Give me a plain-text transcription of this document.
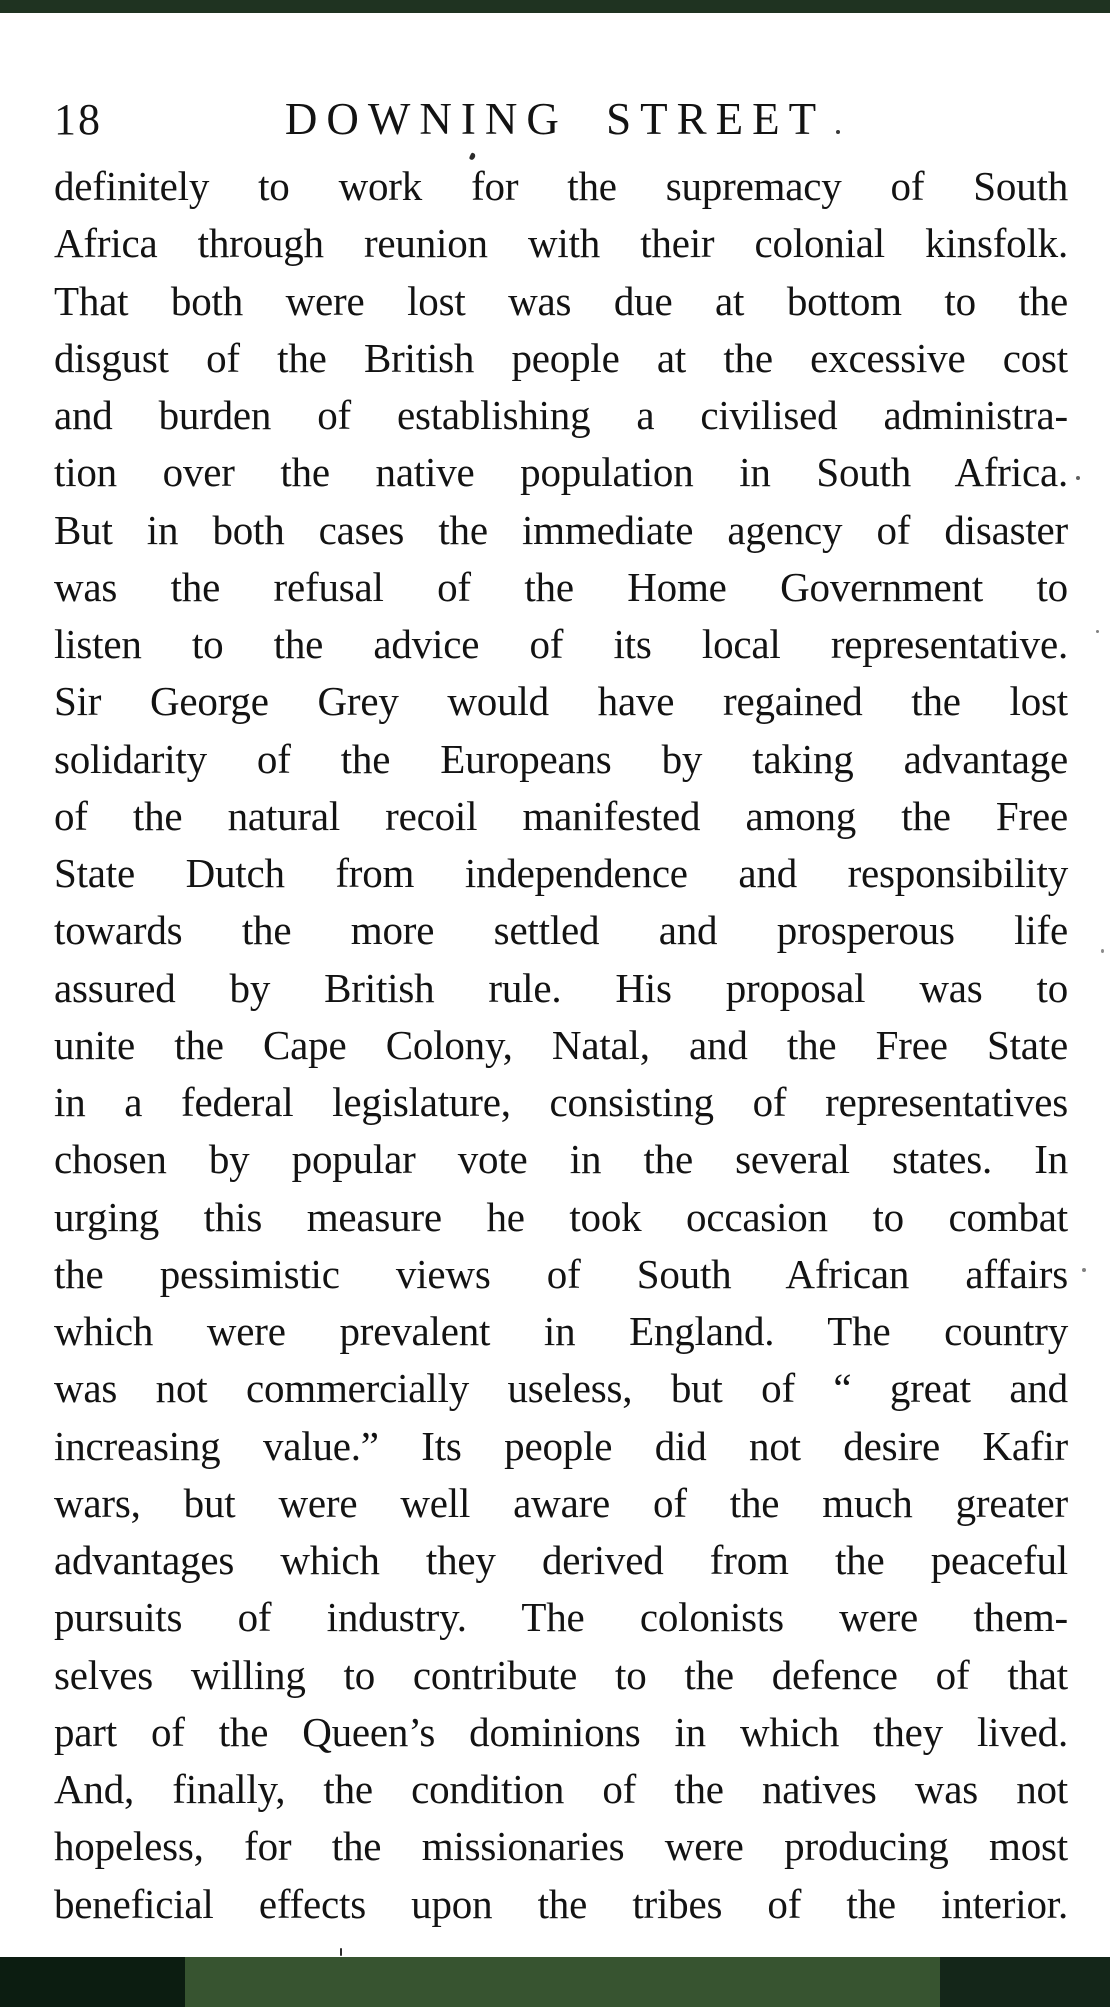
18	DOWNING STREET
definitely to work for the supremacy of South
Africa through reunion with their colonial kinsfolk.
That both were lost was due at bottom to the
disgust of the British people at the excessive cost
and burden of establishing a civilised administra-
tion over the native population in South Africa.
But in both cases the immediate agency of disaster
was the refusal of the Home Government to
listen to the advice of its local representative.
Sir George Grey would have regained the lost
solidarity of the Europeans by taking advantage
of the natural recoil manifested among the Free
State Dutch from independence and responsibility
towards the more settled and prosperous life
assured by British rule. His proposal was to
unite the Cape Colony, Natal, and the Free State
in a federal legislature, consisting of representatives
chosen by popular vote in the several states. In
urging this measure he took occasion to combat
the pessimistic views of South African affairs
which were prevalent in England. The country
was not commercially useless, but of “ great and
increasing value.” Its people did not desire Kafir
wars, but were well aware of the much greater
advantages which they derived from the peaceful
pursuits of industry. The colonists were them-
selves willing to contribute to the defence of that
part of the Queen’s dominions in which they lived.
And, finally, the condition of the natives was not
hopeless, for the missionaries were producing most
beneficial effects upon the tribes of the interior.
